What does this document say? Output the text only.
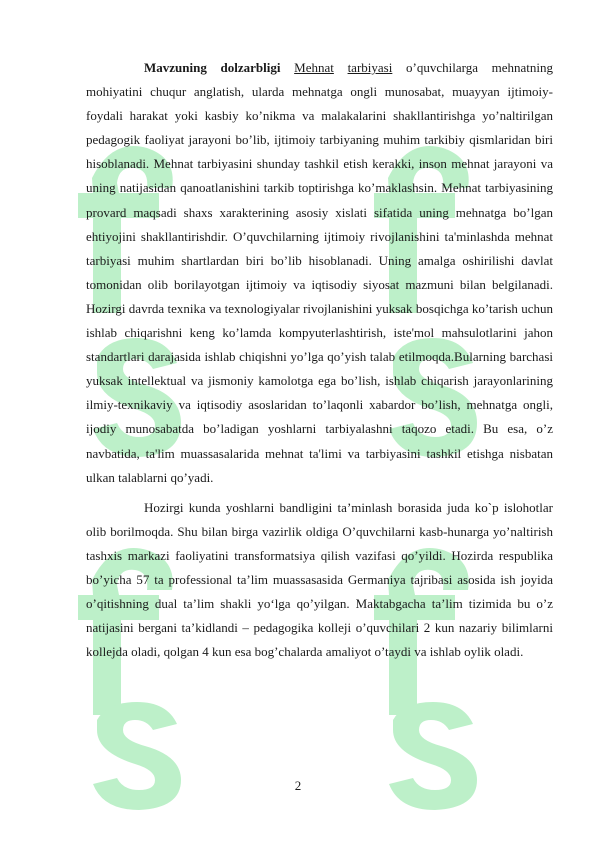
Mavzuning dolzarbligi Mehnat tarbiyasi o’quvchilarga mehnatning mohiyatini chuqur anglatish, ularda mehnatga ongli munosabat, muayyan ijtimoiy-foydali harakat yoki kasbiy ko’nikma va malakalarini shakllantirishga yo’naltirilgan pedagogik faoliyat jarayoni bo’lib, ijtimoiy tarbiyaning muhim tarkibiy qismlaridan biri hisoblanadi. Mehnat tarbiyasini shunday tashkil etish kerakki, inson mehnat jarayoni va uning natijasidan qanoatlanishini tarkib toptirishga ko’maklashsin. Mehnat tarbiyasining provard maqsadi shaxs xarakterining asosiy xislati sifatida uning mehnatga bo’lgan ehtiyojini shakllantirishdir. O’quvchilarning ijtimoiy rivojlanishini ta'minlashda mehnat tarbiyasi muhim shartlardan biri bo’lib hisoblanadi. Uning amalga oshirilishi davlat tomonidan olib borilayotgan ijtimoiy va iqtisodiy siyosat mazmuni bilan belgilanadi. Hozirgi davrda texnika va texnologiyalar rivojlanishini yuksak bosqichga ko’tarish uchun ishlab chiqarishni keng ko’lamda kompyuterlashtirish, iste'mol mahsulotlarini jahon standartlari darajasida ishlab chiqishni yo’lga qo’yish talab etilmoqda.Bularning barchasi yuksak intellektual va jismoniy kamolotga ega bo’lish, ishlab chiqarish jarayonlarining ilmiy-texnikaviy va iqtisodiy asoslaridan to’laqonli xabardor bo’lish, mehnatga ongli, ijodiy munosabatda bo’ladigan yoshlarni tarbiyalashni taqozo etadi. Bu esa, o’z navbatida, ta'lim muassasalarida mehnat ta'limi va tarbiyasini tashkil etishga nisbatan ulkan talablarni qo’yadi.

Hozirgi kunda yoshlarni bandligini ta’minlash borasida juda ko`p islohotlar olib borilmoqda. Shu bilan birga vazirlik oldiga O’quvchilarni kasb-hunarga yo’naltirish tashxis markazi faoliyatini transformatsiya qilish vazifasi qo’yildi. Hozirda respublika bo’yicha 57 ta professional ta’lim muassasasida Germaniya tajribasi asosida ish joyida o’qitishning dual ta’lim shakli yo‘lga qo’yilgan. Maktabgacha ta’lim tizimida bu o’z natijasini bergani ta’kidlandi – pedagogika kolleji o’quvchilari 2 kun nazariy bilimlarni kollejda oladi, qolgan 4 kun esa bog’chalarda amaliyot o’taydi va ishlab oylik oladi.

2
